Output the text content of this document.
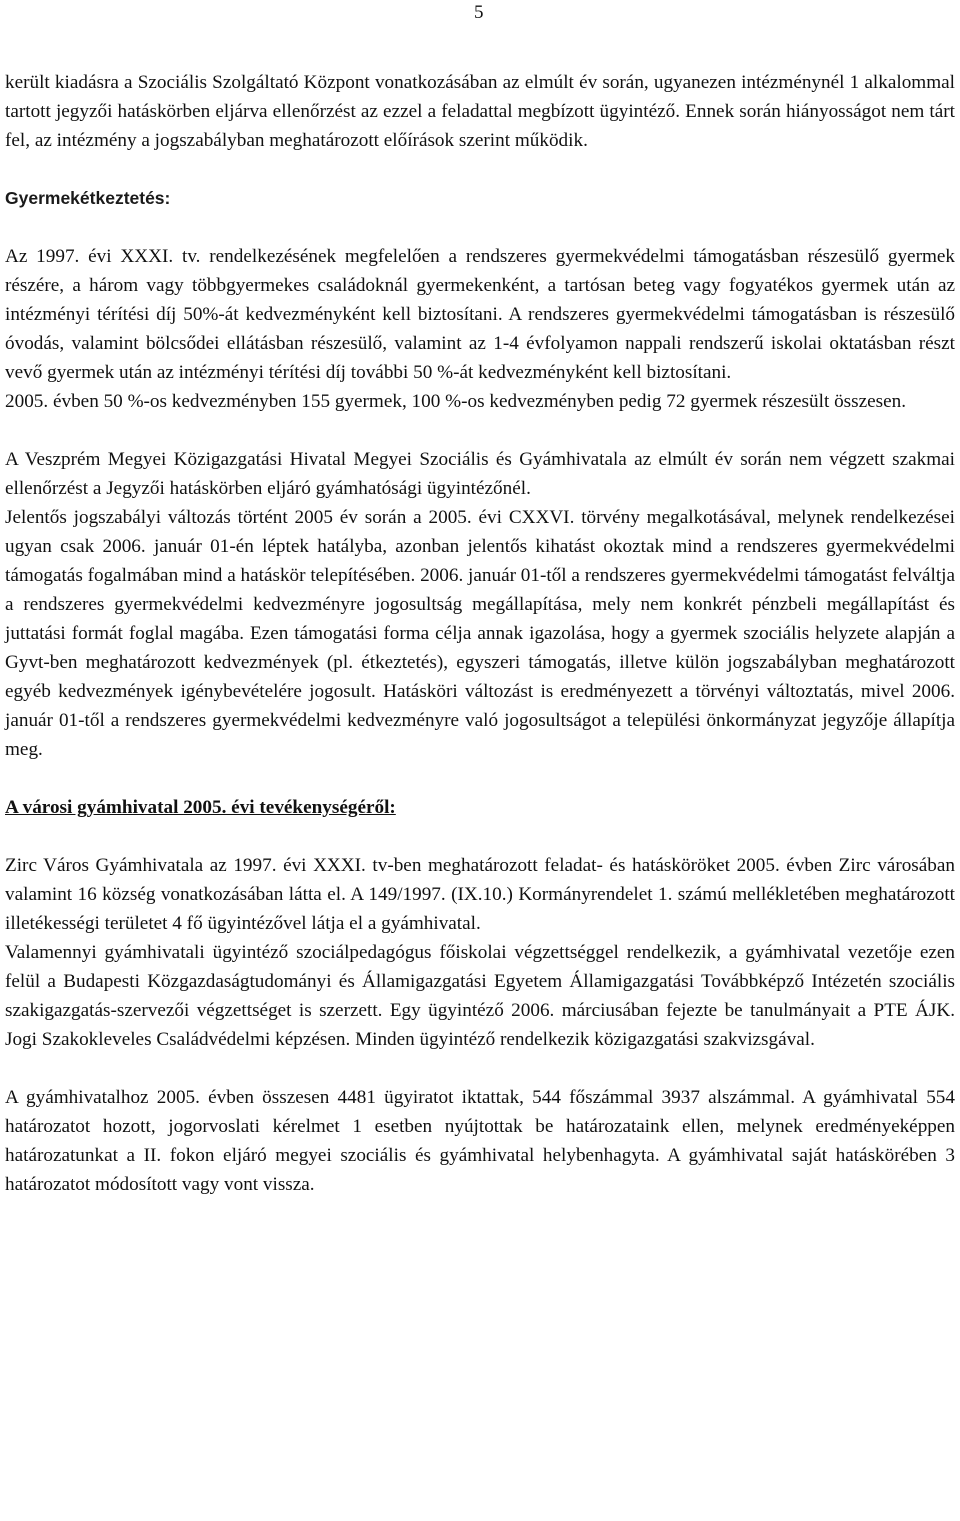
5

került kiadásra a Szociális Szolgáltató Központ vonatkozásában az elmúlt év során, ugyanezen intézménynél 1 alkalommal tartott jegyzői hatáskörben eljárva ellenőrzést az ezzel a feladattal megbízott ügyintéző. Ennek során hiányosságot nem tárt fel, az intézmény a jogszabályban meghatározott előírások szerint működik.

Gyermekétkeztetés:

Az 1997. évi XXXI. tv. rendelkezésének megfelelően a rendszeres gyermekvédelmi támogatásban részesülő gyermek részére, a három vagy többgyermekes családoknál gyermekenként, a tartósan beteg vagy fogyatékos gyermek után az intézményi térítési díj 50%-át kedvezményként kell biztosítani. A rendszeres gyermekvédelmi támogatásban is részesülő óvodás, valamint bölcsődei ellátásban részesülő, valamint az 1-4 évfolyamon nappali rendszerű iskolai oktatásban részt vevő gyermek után az intézményi térítési díj további 50 %-át kedvezményként kell biztosítani.

2005. évben 50 %-os kedvezményben 155 gyermek, 100 %-os kedvezményben pedig 72 gyermek részesült összesen.

A Veszprém Megyei Közigazgatási Hivatal Megyei Szociális és Gyámhivatala az elmúlt év során nem végzett szakmai ellenőrzést a Jegyzői hatáskörben eljáró gyámhatósági ügyintézőnél.

Jelentős jogszabályi változás történt 2005 év során a 2005. évi CXXVI. törvény megalkotásával, melynek rendelkezései ugyan csak 2006. január 01-én léptek hatályba, azonban jelentős kihatást okoztak mind a rendszeres gyermekvédelmi támogatás fogalmában mind a hatáskör telepítésében. 2006. január 01-től a rendszeres gyermekvédelmi támogatást felváltja a rendszeres gyermekvédelmi kedvezményre jogosultság megállapítása, mely nem konkrét pénzbeli megállapítást és juttatási formát foglal magába. Ezen támogatási forma célja annak igazolása, hogy a gyermek szociális helyzete alapján a Gyvt-ben meghatározott kedvezmények (pl. étkeztetés), egyszeri támogatás, illetve külön jogszabályban meghatározott egyéb kedvezmények igénybevételére jogosult. Hatásköri változást is eredményezett a törvényi változtatás, mivel 2006. január 01-től a rendszeres gyermekvédelmi kedvezményre való jogosultságot a települési önkormányzat jegyzője állapítja meg.

A városi gyámhivatal 2005. évi tevékenységéről:

Zirc Város Gyámhivatala az 1997. évi XXXI. tv-ben meghatározott feladat- és hatásköröket 2005. évben Zirc városában valamint 16 község vonatkozásában látta el. A 149/1997. (IX.10.) Kormányrendelet 1. számú mellékletében meghatározott illetékességi területet 4 fő ügyintézővel látja el a gyámhivatal.

Valamennyi gyámhivatali ügyintéző szociálpedagógus főiskolai végzettséggel rendelkezik, a gyámhivatal vezetője ezen felül a Budapesti Közgazdaságtudományi és Államigazgatási Egyetem Államigazgatási Továbbképző Intézetén szociális szakigazgatás-szervezői végzettséget is szerzett. Egy ügyintéző 2006. márciusában fejezte be tanulmányait a PTE ÁJK. Jogi Szakokleveles Családvédelmi képzésen. Minden ügyintéző rendelkezik közigazgatási szakvizsgával.

A gyámhivatalhoz 2005. évben összesen 4481 ügyiratot iktattak, 544 főszámmal 3937 alszámmal. A gyámhivatal 554 határozatot hozott, jogorvoslati kérelmet 1 esetben nyújtottak be határozataink ellen, melynek eredményeképpen határozatunkat a II. fokon eljáró megyei szociális és gyámhivatal helybenhagyta. A gyámhivatal saját hatáskörében 3 határozatot módosított vagy vont vissza.
